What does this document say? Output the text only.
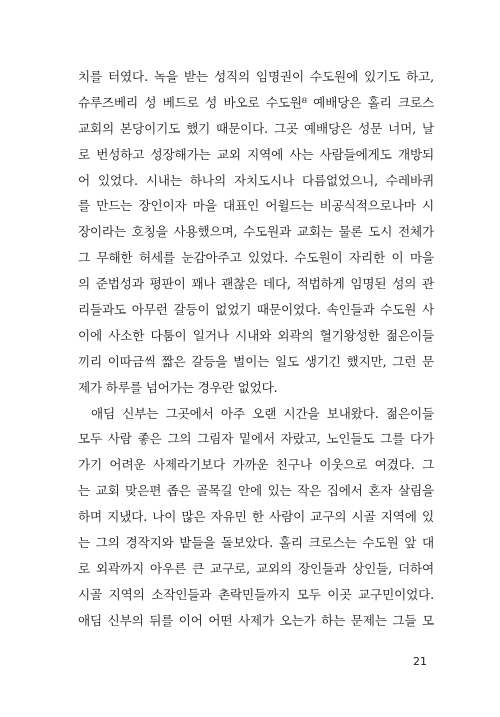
치를 터였다. 녹을 받는 성직의 임명권이 수도원에 있기도 하고,
슈루즈베리 성 베드로 성 바오로 수도원⁸ 예배당은 홀리 크로스
교회의 본당이기도 했기 때문이다. 그곳 예배당은 성문 너머, 날
로 번성하고 성장해가는 교외 지역에 사는 사람들에게도 개방되
어 있었다. 시내는 하나의 자치도시나 다름없었으니, 수레바퀴
를 만드는 장인이자 마을 대표인 어윌드는 비공식적으로나마 시
장이라는 호칭을 사용했으며, 수도원과 교회는 물론 도시 전체가
그 무해한 허세를 눈감아주고 있었다. 수도원이 자리한 이 마을
의 준법성과 평판이 꽤나 괜찮은 데다, 적법하게 임명된 성의 관
리들과도 아무런 갈등이 없었기 때문이었다. 속인들과 수도원 사
이에 사소한 다툼이 일거나 시내와 외곽의 혈기왕성한 젊은이들
끼리 이따금씩 짧은 갈등을 벌이는 일도 생기긴 했지만, 그런 문
제가 하루를 넘어가는 경우란 없었다.
애딤 신부는 그곳에서 아주 오랜 시간을 보내왔다. 젊은이들
모두 사람 좋은 그의 그림자 밑에서 자랐고, 노인들도 그를 다가
가기 어려운 사제라기보다 가까운 친구나 이웃으로 여겼다. 그
는 교회 맞은편 좁은 골목길 안에 있는 작은 집에서 혼자 살림을
하며 지냈다. 나이 많은 자유민 한 사람이 교구의 시골 지역에 있
는 그의 경작지와 밭들을 돌보았다. 홀리 크로스는 수도원 앞 대
로 외곽까지 아우른 큰 교구로, 교외의 장인들과 상인들, 더하여
시골 지역의 소작인들과 촌락민들까지 모두 이곳 교구민이었다.
애딤 신부의 뒤를 이어 어떤 사제가 오는가 하는 문제는 그들 모
21
